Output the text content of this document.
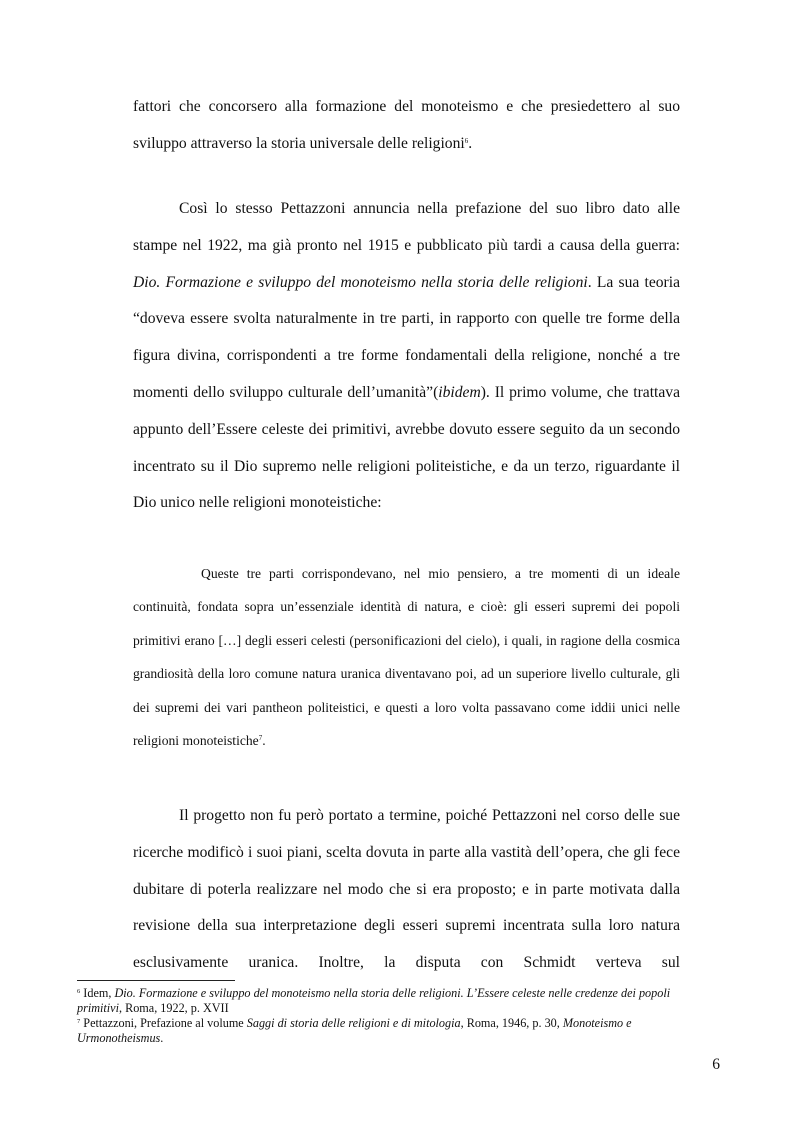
fattori che concorsero alla formazione del monoteismo e che presiedettero al suo sviluppo attraverso la storia universale delle religioni$^6$.

Così lo stesso Pettazzoni annuncia nella prefazione del suo libro dato alle stampe nel 1922, ma già pronto nel 1915 e pubblicato più tardi a causa della guerra: Dio. Formazione e sviluppo del monoteismo nella storia delle religioni. La sua teoria “doveva essere svolta naturalmente in tre parti, in rapporto con quelle tre forme della figura divina, corrispondenti a tre forme fondamentali della religione, nonché a tre momenti dello sviluppo culturale dell’umanità”(ibidem). Il primo volume, che trattava appunto dell’Essere celeste dei primitivi, avrebbe dovuto essere seguito da un secondo incentrato su il Dio supremo nelle religioni politeistiche, e da un terzo, riguardante il Dio unico nelle religioni monoteistiche:

Queste tre parti corrispondevano, nel mio pensiero, a tre momenti di un ideale continuità, fondata sopra un’essenziale identità di natura, e cioè: gli esseri supremi dei popoli primitivi erano […] degli esseri celesti (personificazioni del cielo), i quali, in ragione della cosmica grandiosità della loro comune natura uranica diventavano poi, ad un superiore livello culturale, gli dei supremi dei vari pantheon politeistici, e questi a loro volta passavano come iddii unici nelle religioni monoteistiche$^7$.

Il progetto non fu però portato a termine, poiché Pettazzoni nel corso delle sue ricerche modificò i suoi piani, scelta dovuta in parte alla vastità dell’opera, che gli fece dubitare di poterla realizzare nel modo che si era proposto; e in parte motivata dalla revisione della sua interpretazione degli esseri supremi incentrata sulla loro natura esclusivamente uranica. Inoltre, la disputa con Schmidt verteva sul

$^6$ Idem, Dio. Formazione e sviluppo del monoteismo nella storia delle religioni. L’Essere celeste nelle credenze dei popoli primitivi, Roma, 1922, p. XVII

$^7$ Pettazzoni, Prefazione al volume Saggi di storia delle religioni e di mitologia, Roma, 1946, p. 30, Monoteismo e Urmonotheismus.

6
